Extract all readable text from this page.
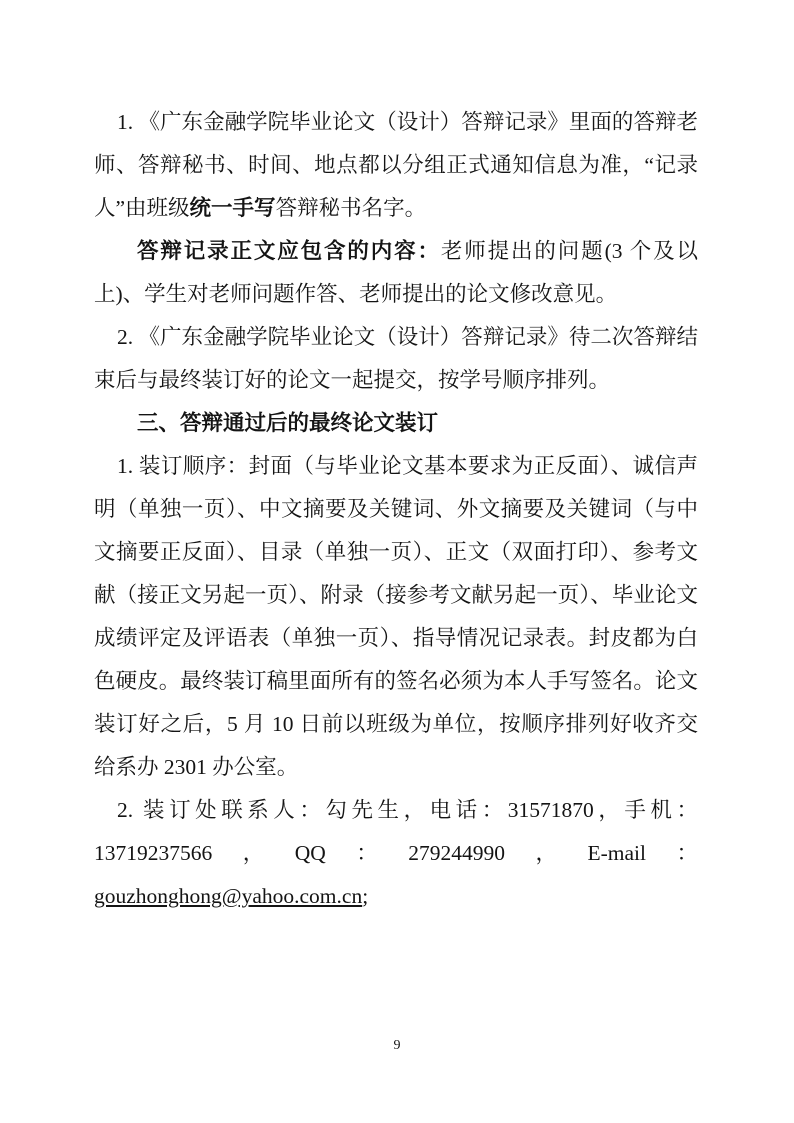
1. 《广东金融学院毕业论文（设计）答辩记录》里面的答辩老师、答辩秘书、时间、地点都以分组正式通知信息为准，“记录人”由班级统一手写答辩秘书名字。

答辩记录正文应包含的内容：老师提出的问题(3 个及以上)、学生对老师问题作答、老师提出的论文修改意见。

2. 《广东金融学院毕业论文（设计）答辩记录》待二次答辩结束后与最终装订好的论文一起提交，按学号顺序排列。

三、答辩通过后的最终论文装订

1. 装订顺序：封面（与毕业论文基本要求为正反面）、诚信声明（单独一页）、中文摘要及关键词、外文摘要及关键词（与中文摘要正反面）、目录（单独一页）、正文（双面打印）、参考文献（接正文另起一页）、附录（接参考文献另起一页）、毕业论文成绩评定及评语表（单独一页）、指导情况记录表。封皮都为白色硬皮。最终装订稿里面所有的签名必须为本人手写签名。论文装订好之后，5 月 10 日前以班级为单位，按顺序排列好收齐交给系办 2301 办公室。

2. 装订处联系人：勾先生，电话：31571870，手机：13719237566，QQ：279244990，E-mail：gouzhonghong@yahoo.com.cn;

9
